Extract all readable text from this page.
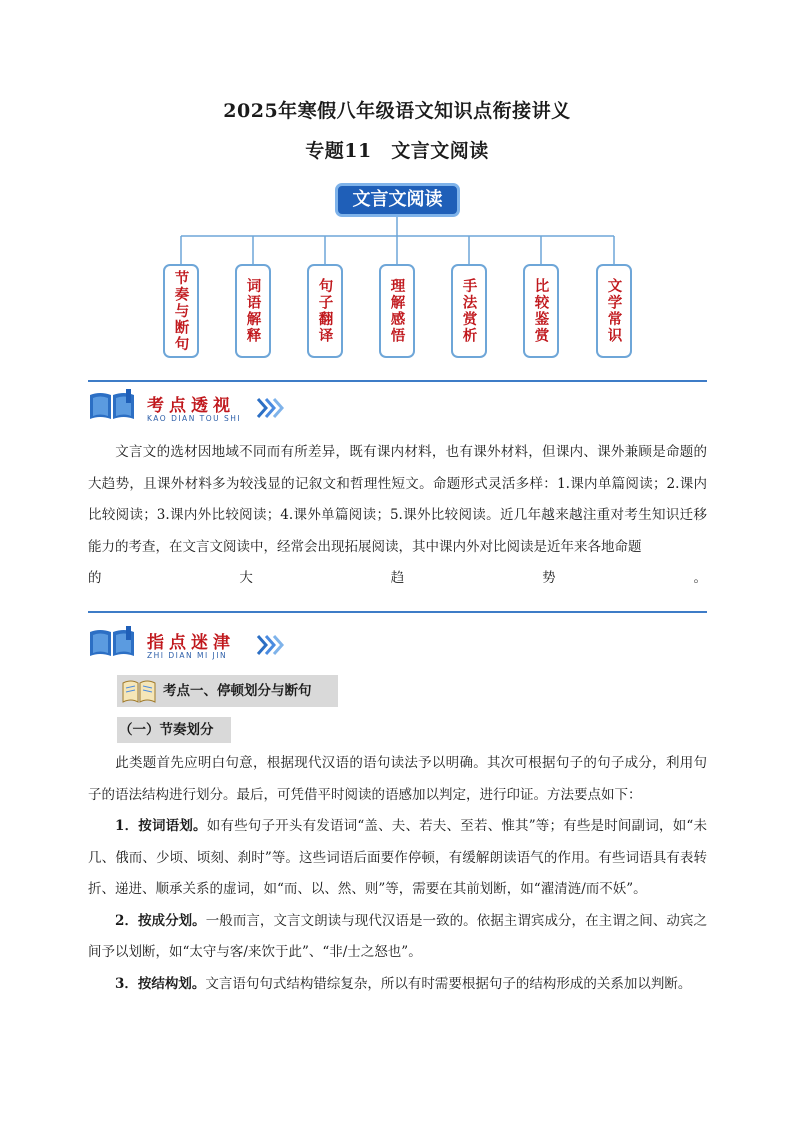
2025年寒假八年级语文知识点衔接讲义
专题11　文言文阅读
文言文阅读
节奏与断句	词语解释	句子翻译	理解感悟	手法赏析	比较鉴赏	文学常识
考点透视
KAO DIAN TOU SHI

文言文的选材因地域不同而有所差异，既有课内材料，也有课外材料，但课内、课外兼顾是命题的大趋势，且课外材料多为较浅显的记叙文和哲理性短文。命题形式灵活多样：1.课内单篇阅读；2.课内比较阅读；3.课内外比较阅读；4.课外单篇阅读；5.课外比较阅读。近几年越来越注重对考生知识迁移能力的考查，在文言文阅读中，经常会出现拓展阅读，其中课内外对比阅读是近年来各地命题

的	大	趋	势	。
指点迷津
ZHI DIAN MI JIN
考点一、停顿划分与断句
（一）节奏划分

此类题首先应明白句意，根据现代汉语的语句读法予以明确。其次可根据句子的句子成分，利用句子的语法结构进行划分。最后，可凭借平时阅读的语感加以判定，进行印证。方法要点如下：

1．按词语划。如有些句子开头有发语词“盖、夫、若夫、至若、惟其”等；有些是时间副词，如“未几、俄而、少顷、顷刻、刹时”等。这些词语后面要作停顿，有缓解朗读语气的作用。有些词语具有表转折、递进、顺承关系的虚词，如“而、以、然、则”等，需要在其前划断，如“濯清涟/而不妖”。

2．按成分划。一般而言，文言文朗读与现代汉语是一致的。依据主谓宾成分，在主谓之间、动宾之间予以划断，如“太守与客/来饮于此”、“非/士之怒也”。

3．按结构划。文言语句句式结构错综复杂，所以有时需要根据句子的结构形成的关系加以判断。
